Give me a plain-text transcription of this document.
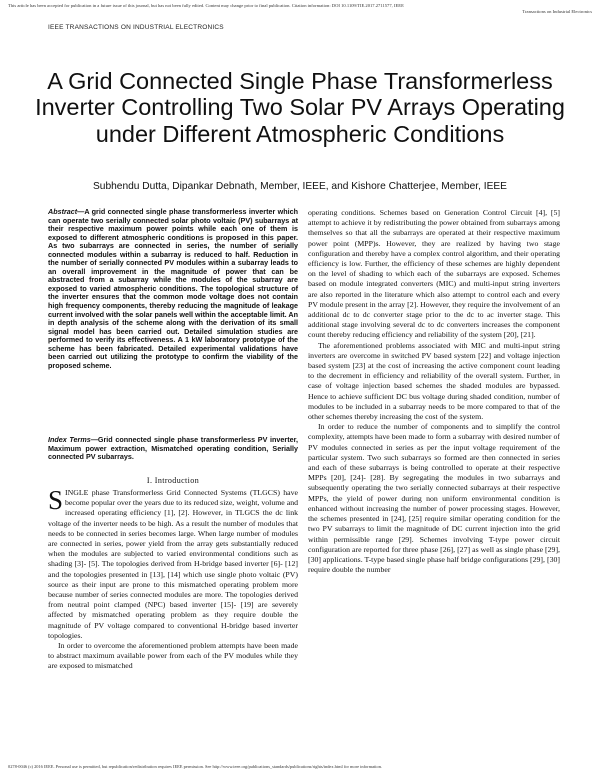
This article has been accepted for publication in a future issue of this journal, but has not been fully edited. Content may change prior to final publication. Citation information: DOI 10.1109/TIE.2017.2711577, IEEE
Transactions on Industrial Electronics
IEEE TRANSACTIONS ON INDUSTRIAL ELECTRONICS
A Grid Connected Single Phase Transformerless Inverter Controlling Two Solar PV Arrays Operating under Different Atmospheric Conditions
Subhendu Dutta, Dipankar Debnath, Member, IEEE, and Kishore Chatterjee, Member, IEEE
Abstract—A grid connected single phase transformerless inverter which can operate two serially connected solar photo voltaic (PV) subarrays at their respective maximum power points while each one of them is exposed to different atmospheric conditions is proposed in this paper. As two subarrays are connected in series, the number of serially connected modules within a subarray is reduced to half. Reduction in the number of serially connected PV modules within a subarray leads to an overall improvement in the magnitude of power that can be abstracted from a subarray while the modules of the subarray are exposed to varied atmospheric conditions. The topological structure of the inverter ensures that the common mode voltage does not contain high frequency components, thereby reducing the magnitude of leakage current involved with the solar panels well within the acceptable limit. An in depth analysis of the scheme along with the derivation of its small signal model has been carried out. Detailed simulation studies are performed to verify its effectiveness. A 1 kW laboratory prototype of the scheme has been fabricated. Detailed experimental validations have been carried out utilizing the prototype to confirm the viability of the proposed scheme.
Index Terms—Grid connected single phase transformerless PV inverter, Maximum power extraction, Mismatched operating condition, Serially connected PV subarrays.
I. Introduction

SINGLE phase Transformerless Grid Connected Systems (TLGCS) have become popular over the years due to its reduced size, weight, volume and increased operating efficiency [1], [2]. However, in TLGCS the dc link voltage of the inverter needs to be high. As a result the number of modules that needs to be connected in series becomes large. When large number of modules are connected in series, power yield from the array gets substantially reduced when the modules are subjected to varied environmental conditions such as shading [3]- [5]. The topologies derived from H-bridge based inverter [6]- [12] and the topologies presented in [13], [14] which use single photo voltaic (PV) source as their input are prone to this mismatched operating problem more because number of series connected modules are more. The topologies derived from neutral point clamped (NPC) based inverter [15]- [19] are severely affected by mismatched operating problem as they require double the magnitude of PV voltage compared to conventional H-bridge based inverter topologies.

In order to overcome the aforementioned problem attempts have been made to abstract maximum available power from each of the PV modules while they are exposed to mismatched

operating conditions. Schemes based on Generation Control Circuit [4], [5] attempt to achieve it by redistributing the power obtained from subarrays among themselves so that all the subarrays are operated at their respective maximum power point (MPP)s. However, they are realized by having two stage configuration and thereby have a complex control algorithm, and their operating efficiency is low. Further, the efficiency of these schemes are highly dependent on the level of shading to which each of the subarrays are exposed. Schemes based on module integrated converters (MIC) and multi-input string inverters are also reported in the literature which also attempt to control each and every PV module present in the array [2]. However, they require the involvement of an additional dc to dc converter stage prior to the dc to ac inverter stage. This additional stage involving several dc to dc converters increases the component count thereby reducing efficiency and reliability of the system [20], [21].

The aforementioned problems associated with MIC and multi-input string inverters are overcome in switched PV based system [22] and voltage injection based system [23] at the cost of increasing the active component count leading to the decrement in efficiency and reliability of the overall system. Further, in case of voltage injection based schemes the shaded modules are bypassed. Hence to achieve sufficient DC bus voltage during shaded condition, number of modules to be included in a subarray needs to be more compared to that of the other schemes thereby increasing the cost of the system.

In order to reduce the number of components and to simplify the control complexity, attempts have been made to form a subarray with desired number of PV modules connected in series as per the input voltage requirement of the particular system. Two such subarrays so formed are then connected in series and each of these subarrays is being controlled to operate at their respective MPPs [20], [24]- [28]. By segregating the modules in two subarrays and subsequently operating the two serially connected subarrays at their respective MPPs, the yield of power during non uniform environmental condition is enhanced without increasing the number of power processing stages. However, the schemes presented in [24], [25] require similar operating condition for the two PV subarrays to limit the magnitude of DC current injection into the grid within permissible range [29]. Schemes involving T-type power circuit configuration are reported for three phase [26], [27] as well as single phase [29], [30] applications. T-type based single phase half bridge configurations [29], [30] require double the number

0278-0046 (c) 2016 IEEE. Personal use is permitted, but republication/redistribution requires IEEE permission. See http://www.ieee.org/publications_standards/publications/rights/index.html for more information.
